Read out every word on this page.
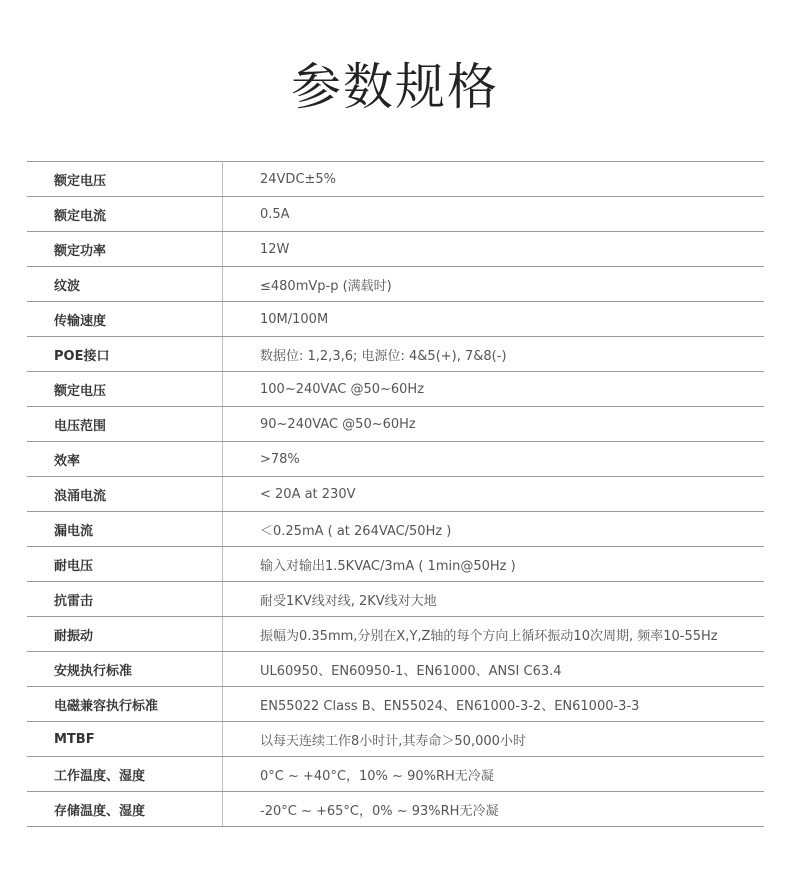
参数规格
额定电压	24VDC±5%
额定电流	0.5A
额定功率	12W
纹波	≤480mVp-p (满载时)
传输速度	10M/100M
POE接口	数据位: 1,2,3,6; 电源位: 4&5(+), 7&8(-)
额定电压	100~240VAC @50~60Hz
电压范围	90~240VAC @50~60Hz
效率	>78%
浪涌电流	< 20A at 230V
漏电流	＜0.25mA ( at 264VAC/50Hz )
耐电压	输入对输出1.5KVAC/3mA ( 1min@50Hz )
抗雷击	耐受1KV线对线, 2KV线对大地
耐振动	振幅为0.35mm,分别在X,Y,Z轴的每个方向上循环振动10次周期, 频率10-55Hz
安规执行标准	UL60950、EN60950-1、EN61000、ANSI C63.4
电磁兼容执行标准	EN55022 Class B、EN55024、EN61000-3-2、EN61000-3-3
MTBF	以每天连续工作8小时计,其寿命＞50,000小时
工作温度、湿度	0°C ~ +40°C，10% ~ 90%RH无冷凝
存储温度、湿度	-20°C ~ +65°C，0% ~ 93%RH无冷凝
